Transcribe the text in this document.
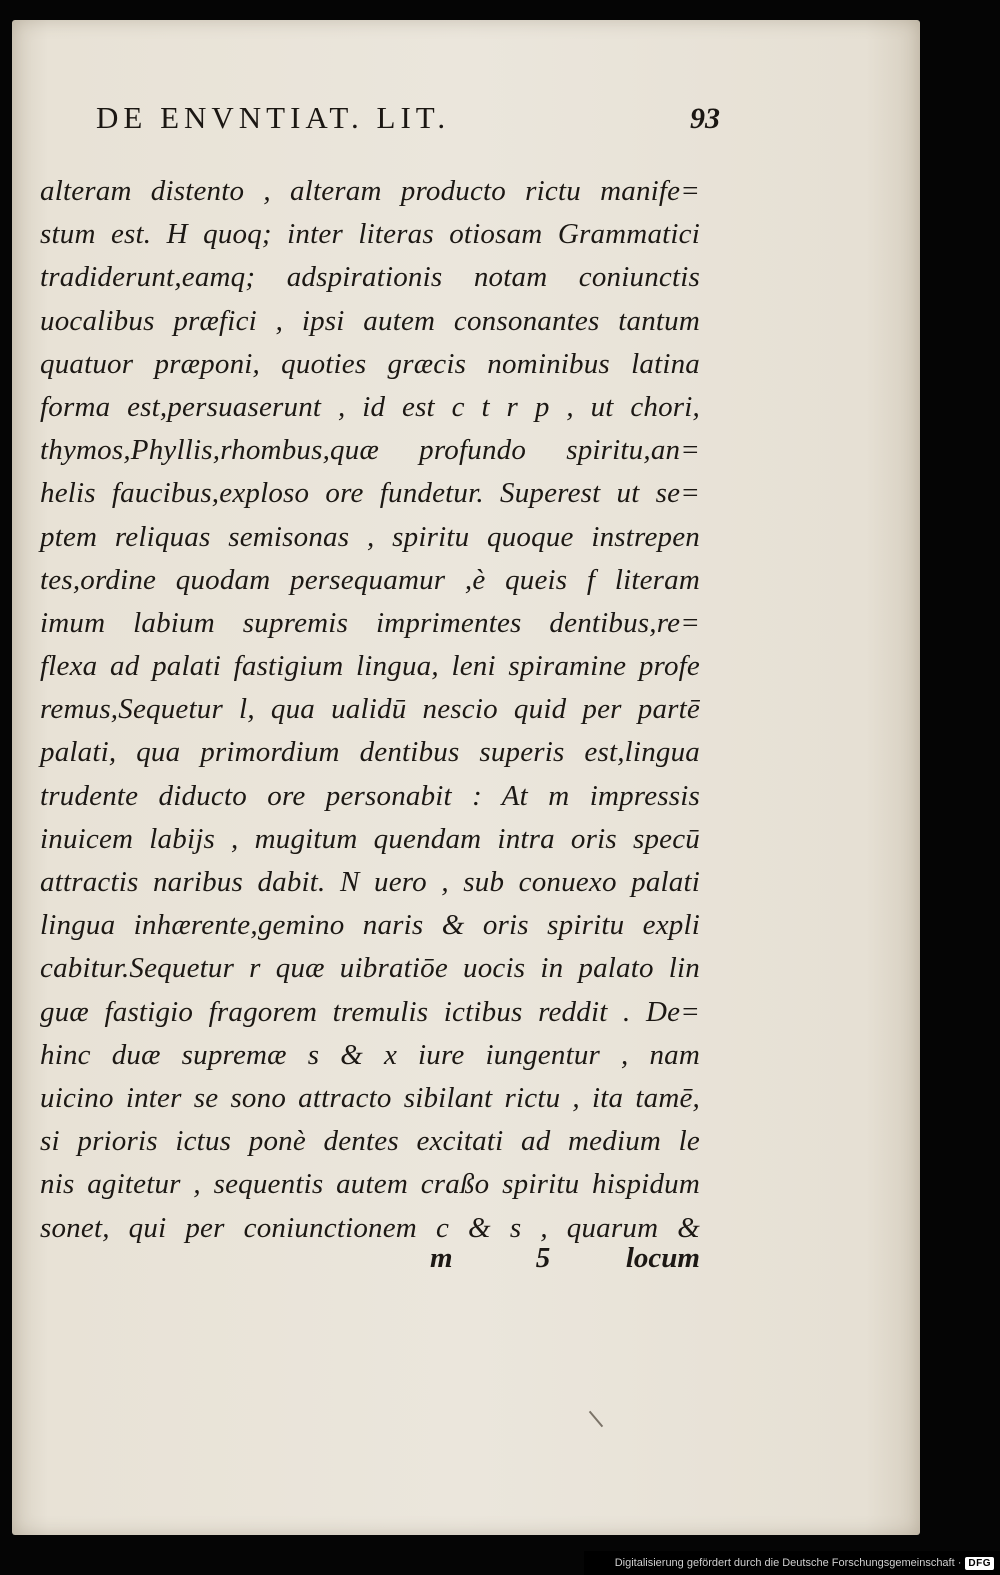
DE ENVNTIAT. LIT.	93
alteram distento , alteram producto rictu manife=
stum est. H quoq; inter literas otiosam Grammatici
tradiderunt,eamq; adspirationis notam coniunctis
uocalibus præfici , ipsi autem consonantes tantum
quatuor præponi, quoties græcis nominibus latina
forma est,persuaserunt , id est c t r p , ut chori,
thymos,Phyllis,rhombus,quæ profundo spiritu,an=
helis faucibus,exploso ore fundetur. Superest ut se=
ptem reliquas semisonas , spiritu quoque instrepen
tes,ordine quodam persequamur ,è queis f literam
imum labium supremis imprimentes dentibus,re=
flexa ad palati fastigium lingua, leni spiramine profe
remus,Sequetur l, qua ualidū nescio quid per partē
palati, qua primordium dentibus superis est,lingua
trudente diducto ore personabit : At m impressis
inuicem labijs , mugitum quendam intra oris specū
attractis naribus dabit. N uero , sub conuexo palati
lingua inhærente,gemino naris & oris spiritu expli
cabitur.Sequetur r quæ uibratiōe uocis in palato lin
guæ fastigio fragorem tremulis ictibus reddit . De=
hinc duæ supremæ s & x iure iungentur , nam
uicino inter se sono attracto sibilant rictu , ita tamē,
si prioris ictus ponè dentes excitati ad medium le
nis agitetur , sequentis autem craßo spiritu hispidum
sonet, qui per coniunctionem c & s , quarum &
m	5	locum
Digitalisierung gefördert durch die Deutsche Forschungsgemeinschaft · DFG
